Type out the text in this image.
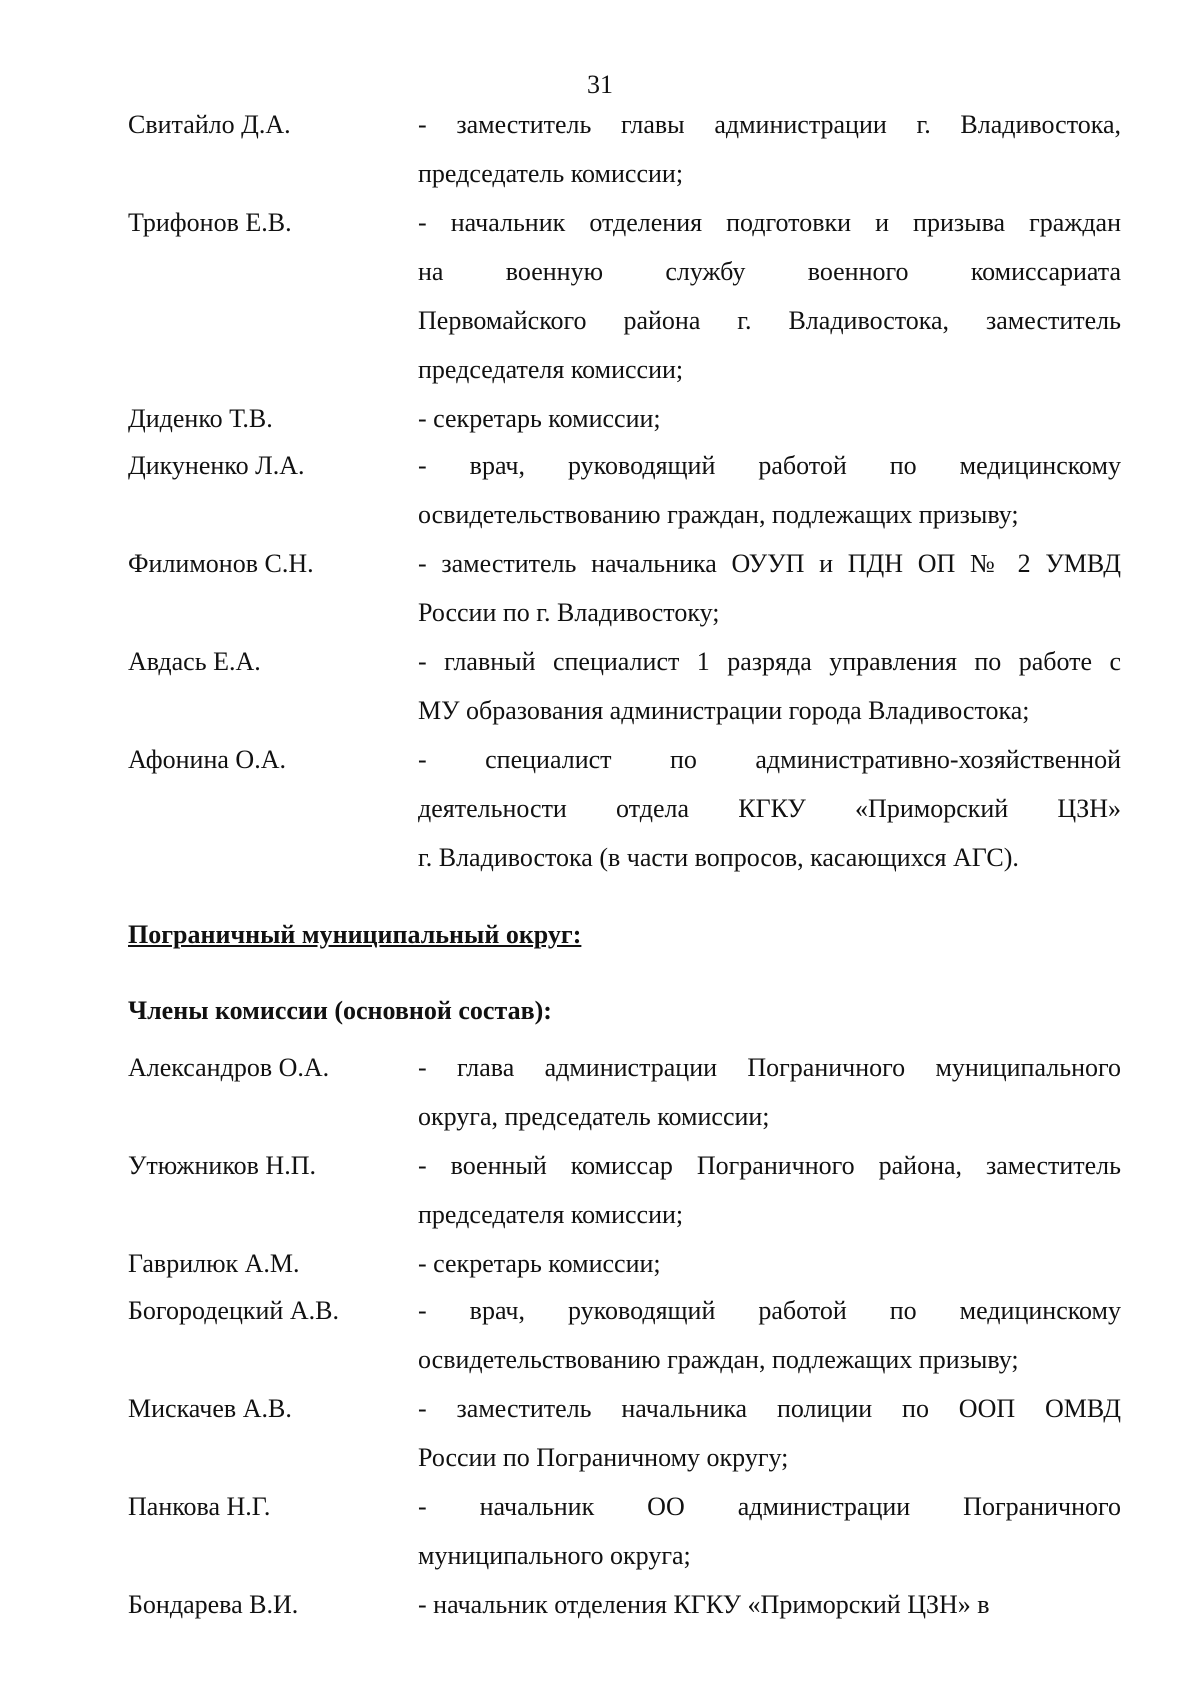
31
Свитайло Д.А.	- заместитель главы администрации г. Владивостока,
председатель комиссии;
Трифонов Е.В.	- начальник отделения подготовки и призыва граждан
на военную службу военного комиссариата
Первомайского района г. Владивостока, заместитель
председателя комиссии;
Диденко Т.В.	- секретарь комиссии;
Дикуненко Л.А.	- врач, руководящий работой по медицинскому
освидетельствованию граждан, подлежащих призыву;
Филимонов С.Н.	- заместитель начальника ОУУП и ПДН ОП № 2 УМВД
России по г. Владивостоку;
Авдась Е.А.	- главный специалист 1 разряда управления по работе с
МУ образования администрации города Владивостока;
Афонина О.А.	- специалист по административно-хозяйственной
деятельности отдела КГКУ «Приморский ЦЗН»
г. Владивостока (в части вопросов, касающихся АГС).
Пограничный муниципальный округ:
Члены комиссии (основной состав):
Александров О.А.	- глава администрации Пограничного муниципального
округа, председатель комиссии;
Утюжников Н.П.	- военный комиссар Пограничного района, заместитель
председателя комиссии;
Гаврилюк А.М.	- секретарь комиссии;
Богородецкий А.В.	- врач, руководящий работой по медицинскому
освидетельствованию граждан, подлежащих призыву;
Мискачев А.В.	- заместитель начальника полиции по ООП ОМВД
России по Пограничному округу;
Панкова Н.Г.	- начальник ОО администрации Пограничного
муниципального округа;
Бондарева В.И.	- начальник отделения КГКУ «Приморский ЦЗН» в
